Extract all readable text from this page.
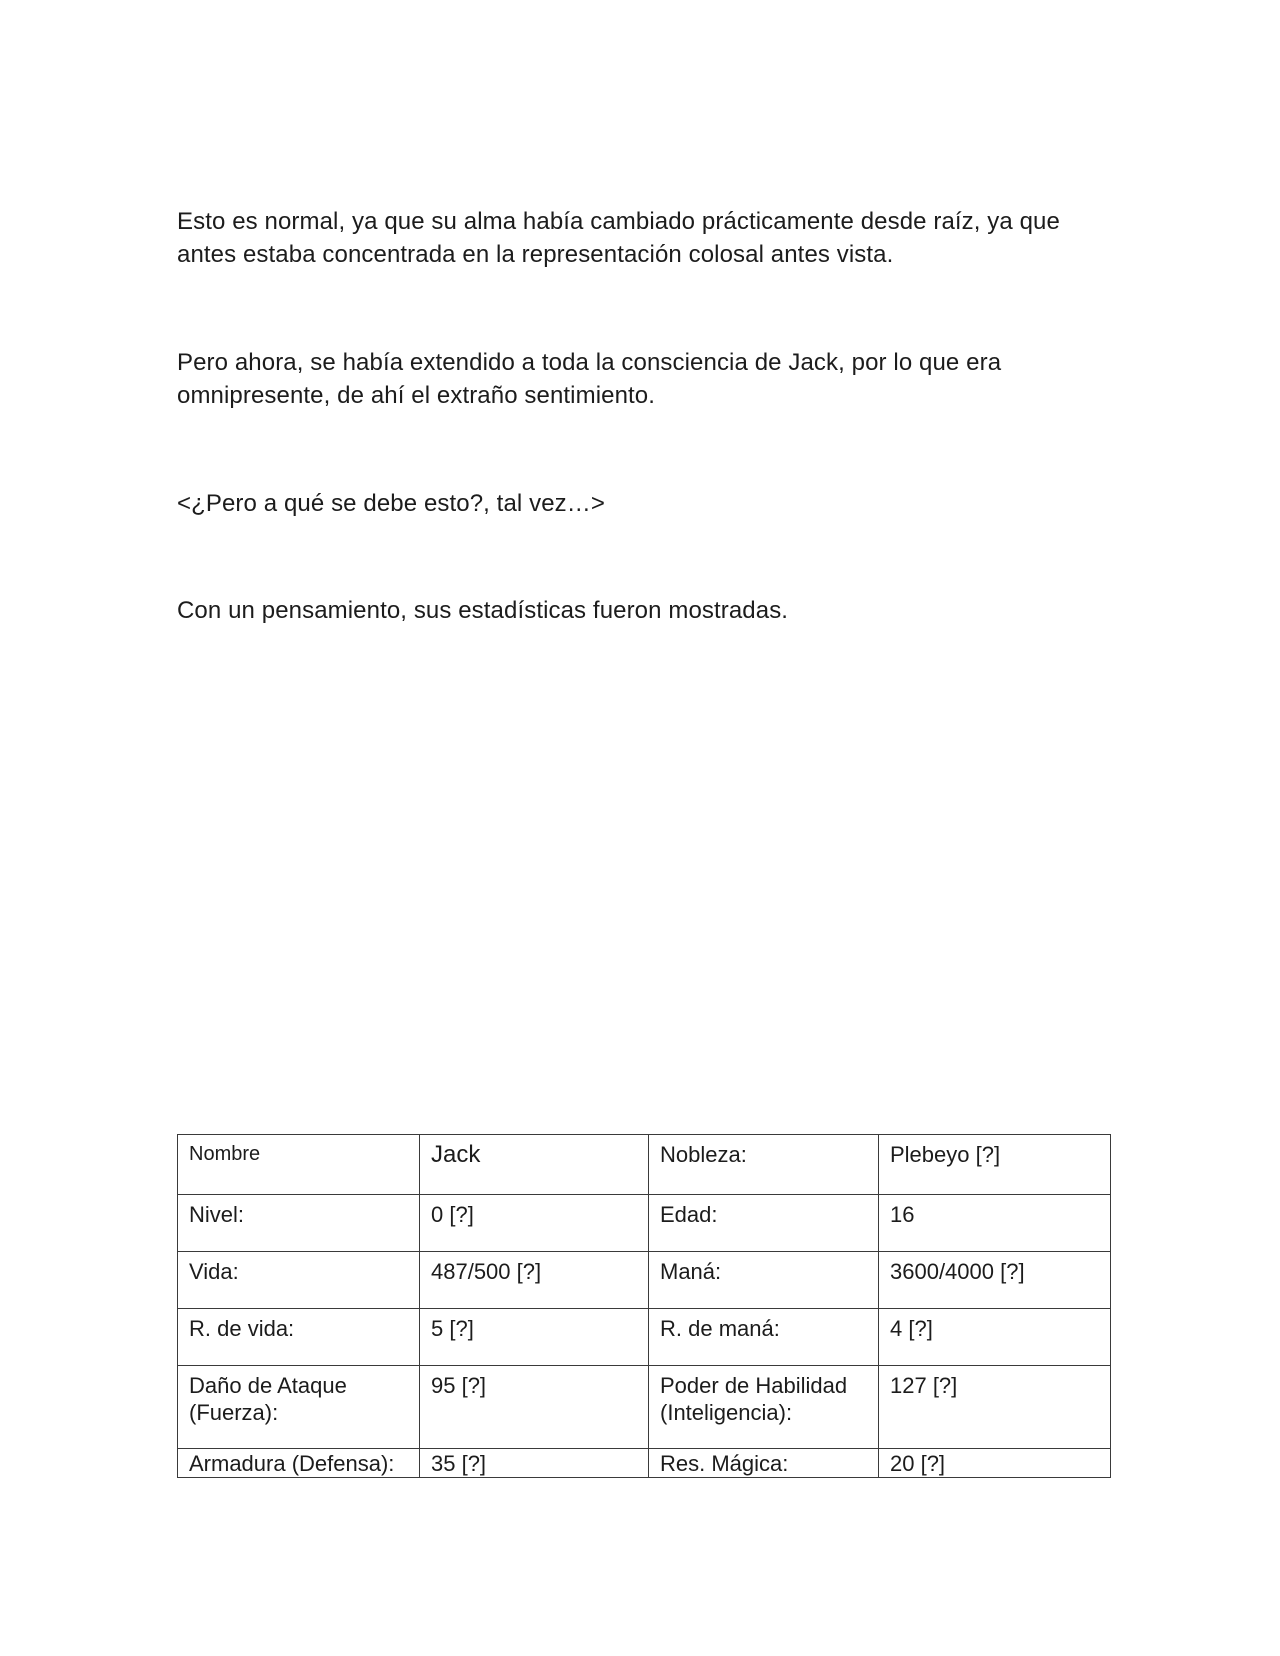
Esto es normal, ya que su alma había cambiado prácticamente desde raíz, ya que antes estaba concentrada en la representación colosal antes vista.

Pero ahora, se había extendido a toda la consciencia de Jack, por lo que era omnipresente, de ahí el extraño sentimiento.

<¿Pero a qué se debe esto?, tal vez…>

Con un pensamiento, sus estadísticas fueron mostradas.

Nombre	Jack	Nobleza:	Plebeyo [?]
Nivel:	0 [?]	Edad:	16
Vida:	487/500 [?]	Maná:	3600/4000 [?]
R. de vida:	5 [?]	R. de maná:	4 [?]
Daño de Ataque (Fuerza):	95 [?]	Poder de Habilidad (Inteligencia):	127 [?]
Armadura (Defensa):	35 [?]	Res. Mágica:	20 [?]
